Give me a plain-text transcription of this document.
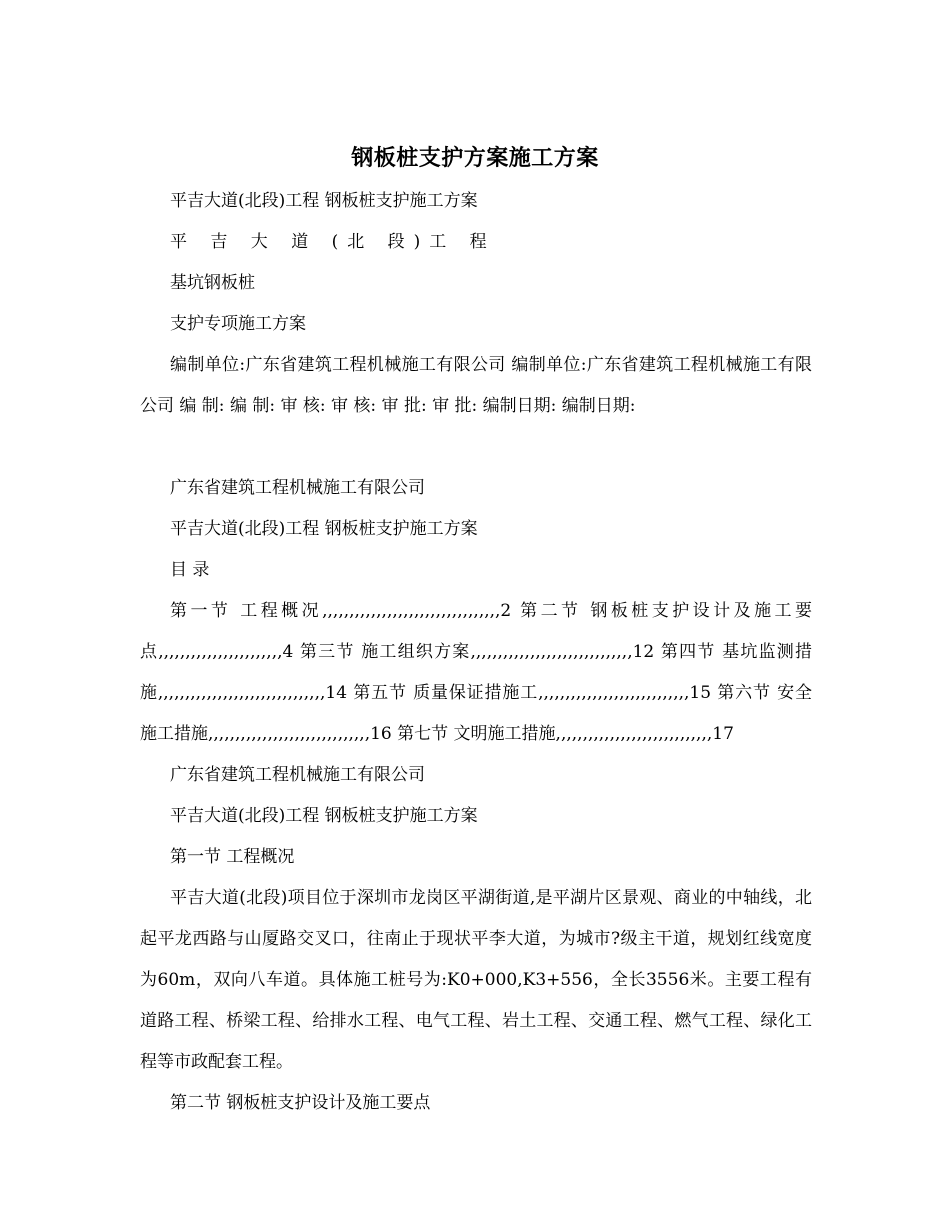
钢板桩支护方案施工方案
平吉大道(北段)工程 钢板桩支护施工方案
平 吉 大 道 (北 段)工 程
基坑钢板桩
支护专项施工方案
编制单位:广东省建筑工程机械施工有限公司 编制单位:广东省建筑工程机械施工有限公司 编 制: 编 制: 审 核: 审 核: 审 批: 审 批: 编制日期: 编制日期:
广东省建筑工程机械施工有限公司
平吉大道(北段)工程 钢板桩支护施工方案
目 录
第一节 工程概况,,,,,,,,,,,,,,,,,,,,,,,,,,,,,,,,,2 第二节 钢板桩支护设计及施工要点,,,,,,,,,,,,,,,,,,,,,,,4 第三节 施工组织方案,,,,,,,,,,,,,,,,,,,,,,,,,,,,,,12 第四节 基坑监测措施,,,,,,,,,,,,,,,,,,,,,,,,,,,,,,,14 第五节 质量保证措施工,,,,,,,,,,,,,,,,,,,,,,,,,,,,15 第六节 安全施工措施,,,,,,,,,,,,,,,,,,,,,,,,,,,,,,16 第七节 文明施工措施,,,,,,,,,,,,,,,,,,,,,,,,,,,,,17
广东省建筑工程机械施工有限公司
平吉大道(北段)工程 钢板桩支护施工方案
第一节 工程概况
平吉大道(北段)项目位于深圳市龙岗区平湖街道,是平湖片区景观、商业的中轴线，北起平龙西路与山厦路交叉口，往南止于现状平李大道，为城市?级主干道，规划红线宽度为60m，双向八车道。具体施工桩号为:K0+000,K3+556，全长3556米。主要工程有道路工程、桥梁工程、给排水工程、电气工程、岩土工程、交通工程、燃气工程、绿化工程等市政配套工程。
第二节 钢板桩支护设计及施工要点
